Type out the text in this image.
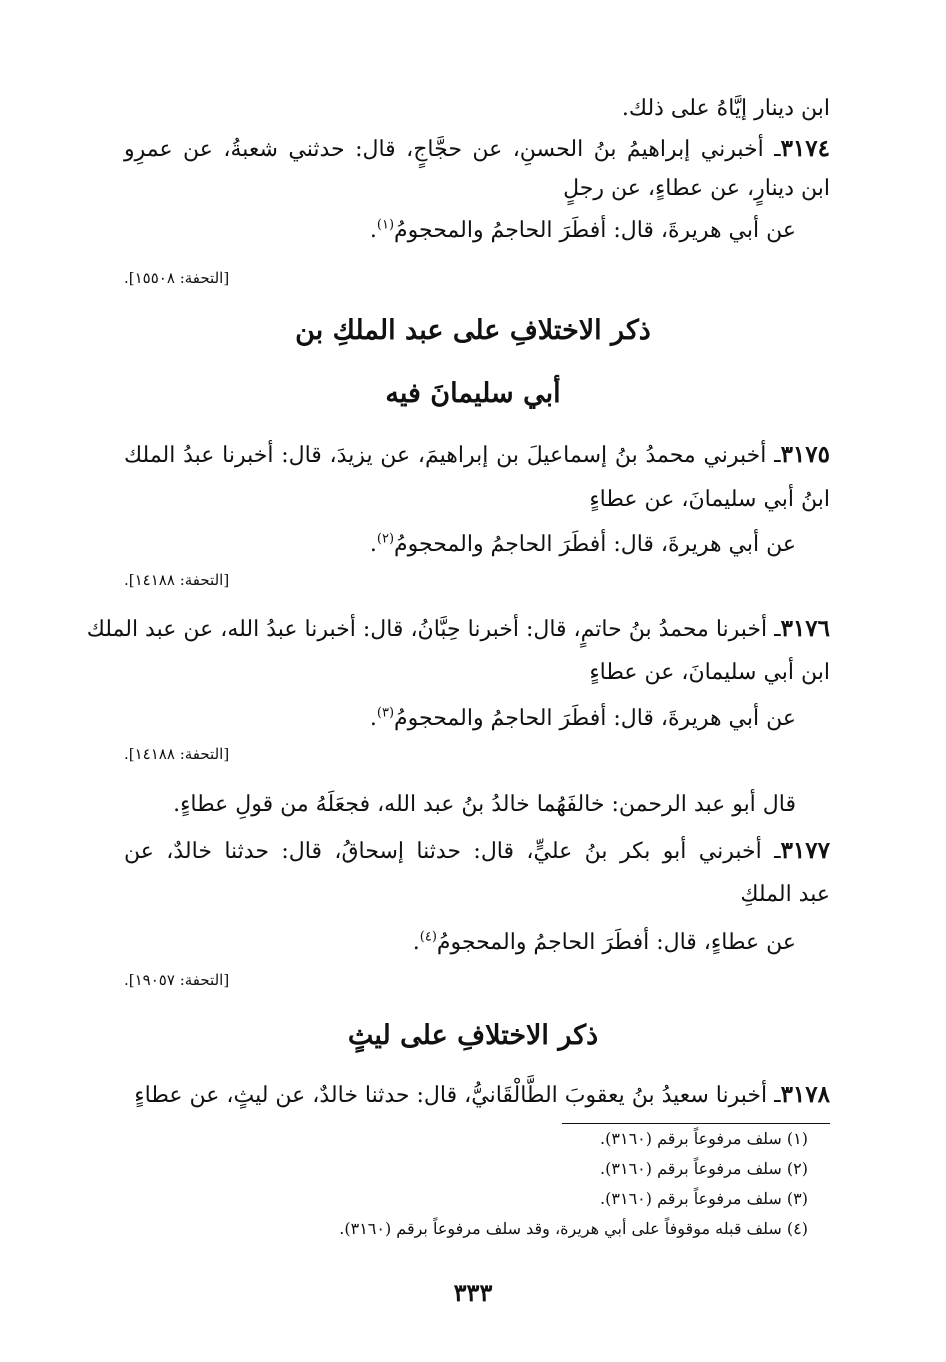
ابن دينار إيَّاهُ على ذلك.
٣١٧٤ـ أخبرني إبراهيمُ بنُ الحسنِ، عن حجَّاجٍ، قال: حدثني شعبةُ، عن عمرِو
ابن دينارٍ، عن عطاءٍ، عن رجلٍ
عن أبي هريرةَ، قال: أفطَرَ الحاجمُ والمحجومُ$^{(١)}$.
[التحفة: ١٥٥٠٨].
ذكر الاختلافِ على عبد الملكِ بن
أبي سليمانَ فيه
٣١٧٥ـ أخبرني محمدُ بنُ إسماعيلَ بن إبراهيمَ، عن يزيدَ، قال: أخبرنا عبدُ الملك
ابنُ أبي سليمانَ، عن عطاءٍ
عن أبي هريرةَ، قال: أفطَرَ الحاجمُ والمحجومُ$^{(٢)}$.
[التحفة: ١٤١٨٨].
٣١٧٦ـ أخبرنا محمدُ بنُ حاتمٍ، قال: أخبرنا حِبَّانُ، قال: أخبرنا عبدُ الله، عن عبد الملك
ابن أبي سليمانَ، عن عطاءٍ
عن أبي هريرةَ، قال: أفطَرَ الحاجمُ والمحجومُ$^{(٣)}$.
[التحفة: ١٤١٨٨].
قال أبو عبد الرحمن: خالفَهُما خالدُ بنُ عبد الله، فجعَلَهُ من قولِ عطاءٍ.
٣١٧٧ـ أخبرني أبو بكر بنُ عليٍّ، قال: حدثنا إسحاقُ، قال: حدثنا خالدٌ، عن
عبد الملكِ
عن عطاءٍ، قال: أفطَرَ الحاجمُ والمحجومُ$^{(٤)}$.
[التحفة: ١٩٠٥٧].
ذكر الاختلافِ على ليثٍ
٣١٧٨ـ أخبرنا سعيدُ بنُ يعقوبَ الطَّالْقَانيُّ، قال: حدثنا خالدٌ، عن ليثٍ، عن عطاءٍ
(١) سلف مرفوعاً برقم (٣١٦٠).
(٢) سلف مرفوعاً برقم (٣١٦٠).
(٣) سلف مرفوعاً برقم (٣١٦٠).
(٤) سلف قبله موقوفاً على أبي هريرة، وقد سلف مرفوعاً برقم (٣١٦٠).
٣٣٣
